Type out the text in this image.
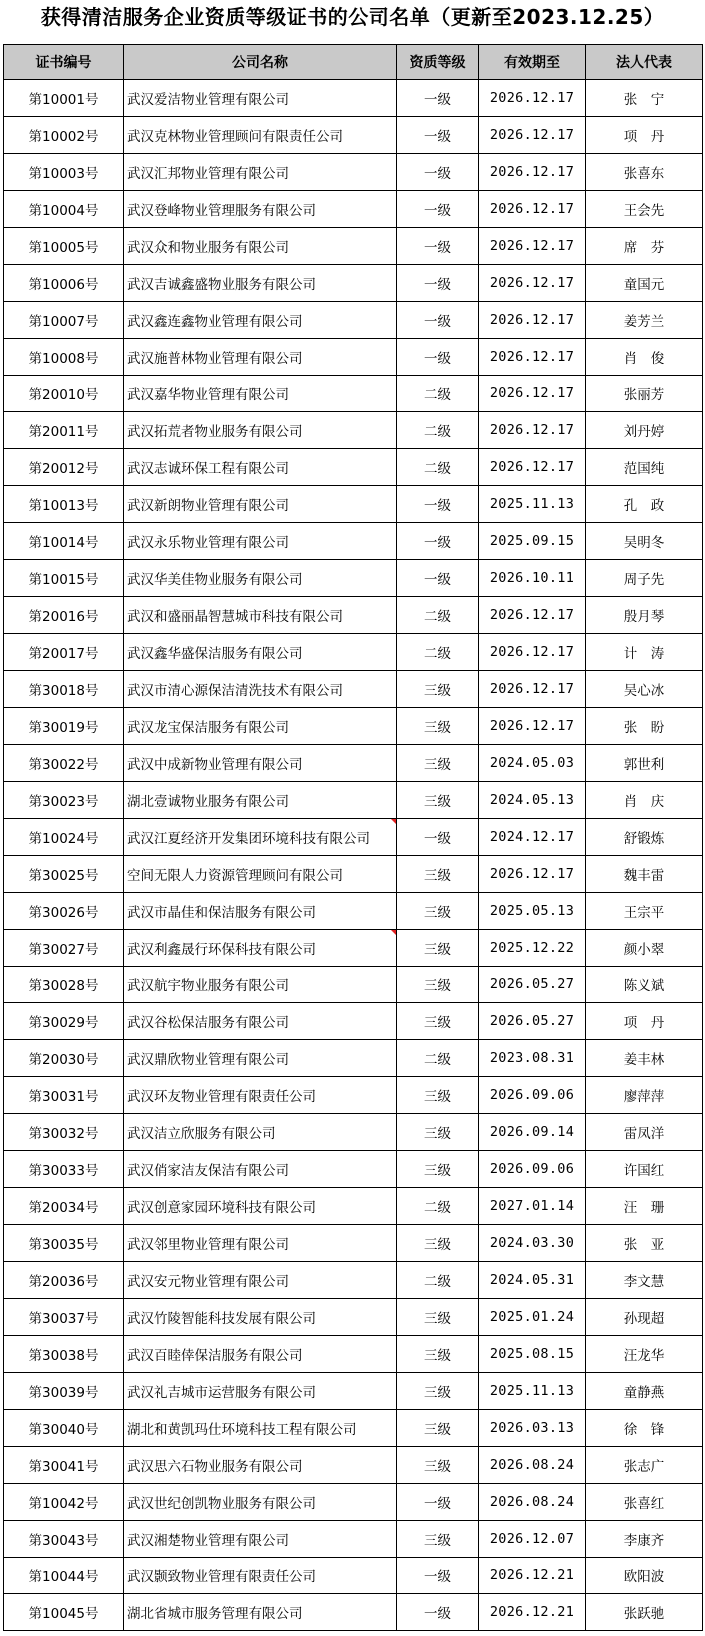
获得清洁服务企业资质等级证书的公司名单（更新至2023.12.25）
证书编号	公司名称	资质等级	有效期至	法人代表
第10001号	武汉爱洁物业管理有限公司	一级	2026.12.17	张　宁
第10002号	武汉克林物业管理顾问有限责任公司	一级	2026.12.17	项　丹
第10003号	武汉汇邦物业管理有限公司	一级	2026.12.17	张喜东
第10004号	武汉登峰物业管理服务有限公司	一级	2026.12.17	王会先
第10005号	武汉众和物业服务有限公司	一级	2026.12.17	席　芬
第10006号	武汉吉诚鑫盛物业服务有限公司	一级	2026.12.17	童国元
第10007号	武汉鑫连鑫物业管理有限公司	一级	2026.12.17	姜芳兰
第10008号	武汉施普林物业管理有限公司	一级	2026.12.17	肖　俊
第20010号	武汉嘉华物业管理有限公司	二级	2026.12.17	张丽芳
第20011号	武汉拓荒者物业服务有限公司	二级	2026.12.17	刘丹婷
第20012号	武汉志诚环保工程有限公司	二级	2026.12.17	范国纯
第10013号	武汉新朗物业管理有限公司	一级	2025.11.13	孔　政
第10014号	武汉永乐物业管理有限公司	一级	2025.09.15	吴明冬
第10015号	武汉华美佳物业服务有限公司	一级	2026.10.11	周子先
第20016号	武汉和盛丽晶智慧城市科技有限公司	二级	2026.12.17	殷月琴
第20017号	武汉鑫华盛保洁服务有限公司	二级	2026.12.17	计　涛
第30018号	武汉市清心源保洁清洗技术有限公司	三级	2026.12.17	吴心冰
第30019号	武汉龙宝保洁服务有限公司	三级	2026.12.17	张　盼
第30022号	武汉中成新物业管理有限公司	三级	2024.05.03	郭世利
第30023号	湖北壹诚物业服务有限公司	三级	2024.05.13	肖　庆
第10024号	武汉江夏经济开发集团环境科技有限公司	一级	2024.12.17	舒锻炼
第30025号	空间无限人力资源管理顾问有限公司	三级	2026.12.17	魏丰雷
第30026号	武汉市晶佳和保洁服务有限公司	三级	2025.05.13	王宗平
第30027号	武汉利鑫晟行环保科技有限公司	三级	2025.12.22	颜小翠
第30028号	武汉航宇物业服务有限公司	三级	2026.05.27	陈义斌
第30029号	武汉谷松保洁服务有限公司	三级	2026.05.27	项　丹
第20030号	武汉鼎欣物业管理有限公司	二级	2023.08.31	姜丰林
第30031号	武汉环友物业管理有限责任公司	三级	2026.09.06	廖萍萍
第30032号	武汉洁立欣服务有限公司	三级	2026.09.14	雷凤洋
第30033号	武汉俏家洁友保洁有限公司	三级	2026.09.06	许国红
第20034号	武汉创意家园环境科技有限公司	二级	2027.01.14	汪　珊
第30035号	武汉邻里物业管理有限公司	三级	2024.03.30	张　亚
第20036号	武汉安元物业管理有限公司	二级	2024.05.31	李文慧
第30037号	武汉竹陵智能科技发展有限公司	三级	2025.01.24	孙现超
第30038号	武汉百睦倖保洁服务有限公司	三级	2025.08.15	汪龙华
第30039号	武汉礼吉城市运营服务有限公司	三级	2025.11.13	童静燕
第30040号	湖北和黄凯玛仕环境科技工程有限公司	三级	2026.03.13	徐　锋
第30041号	武汉思六石物业服务有限公司	三级	2026.08.24	张志广
第10042号	武汉世纪创凯物业服务有限公司	一级	2026.08.24	张喜红
第30043号	武汉湘楚物业管理有限公司	三级	2026.12.07	李康齐
第10044号	武汉颢致物业管理有限责任公司	一级	2026.12.21	欧阳波
第10045号	湖北省城市服务管理有限公司	一级	2026.12.21	张跃驰
